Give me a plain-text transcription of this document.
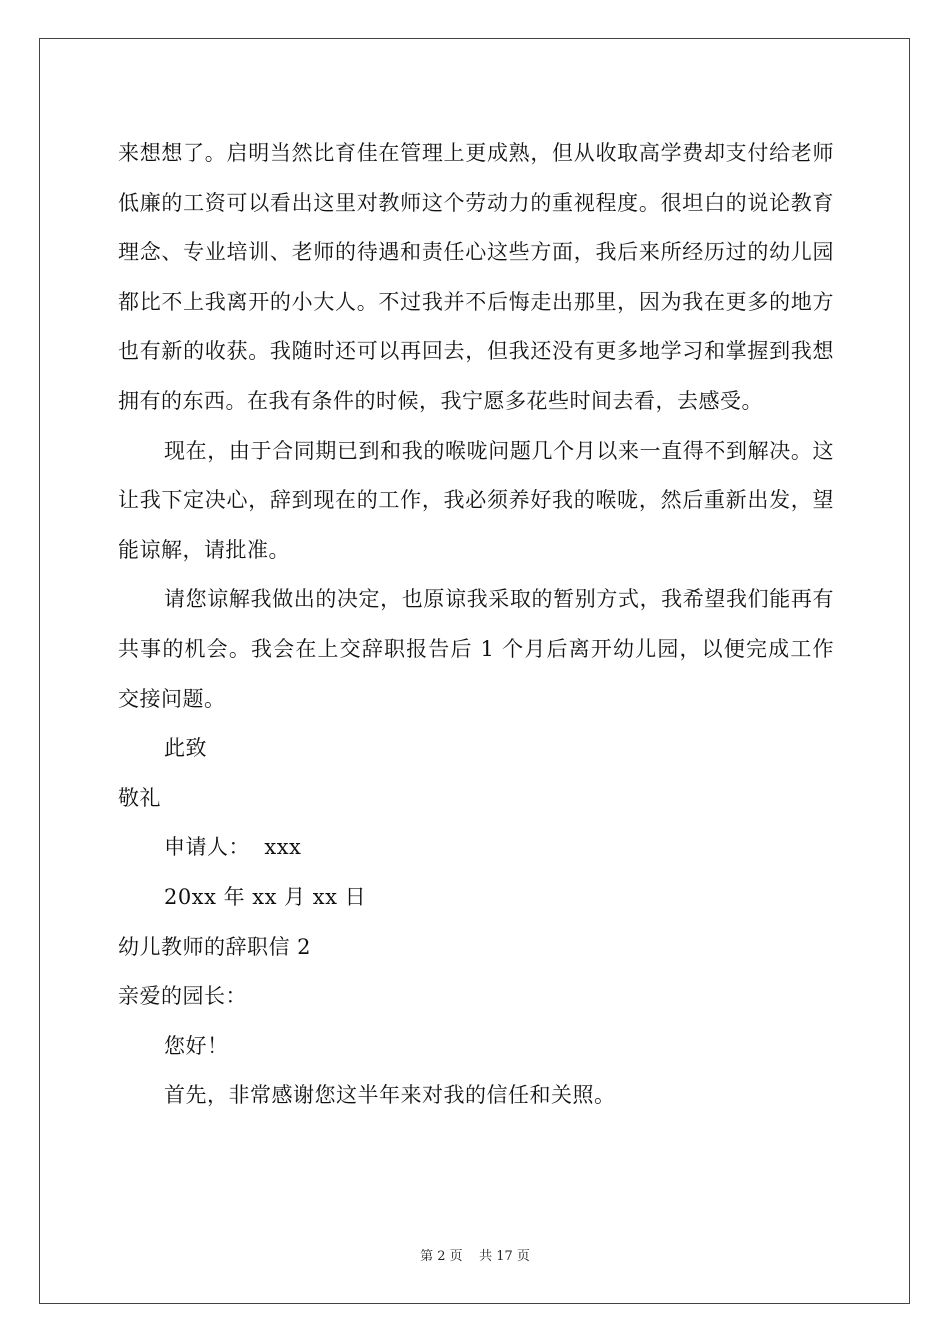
来想想了。启明当然比育佳在管理上更成熟，但从收取高学费却支付给老师低廉的工资可以看出这里对教师这个劳动力的重视程度。很坦白的说论教育理念、专业培训、老师的待遇和责任心这些方面，我后来所经历过的幼儿园都比不上我离开的小大人。不过我并不后悔走出那里，因为我在更多的地方也有新的收获。我随时还可以再回去，但我还没有更多地学习和掌握到我想拥有的东西。在我有条件的时候，我宁愿多花些时间去看，去感受。

现在，由于合同期已到和我的喉咙问题几个月以来一直得不到解决。这让我下定决心，辞到现在的工作，我必须养好我的喉咙，然后重新出发，望能谅解，请批准。

请您谅解我做出的决定，也原谅我采取的暂别方式，我希望我们能再有共事的机会。我会在上交辞职报告后 1 个月后离开幼儿园，以便完成工作交接问题。

此致

敬礼

申请人：  xxx

20xx 年 xx 月 xx 日

幼儿教师的辞职信 2

亲爱的园长：

您好！

首先，非常感谢您这半年来对我的信任和关照。

第 2 页    共 17 页
